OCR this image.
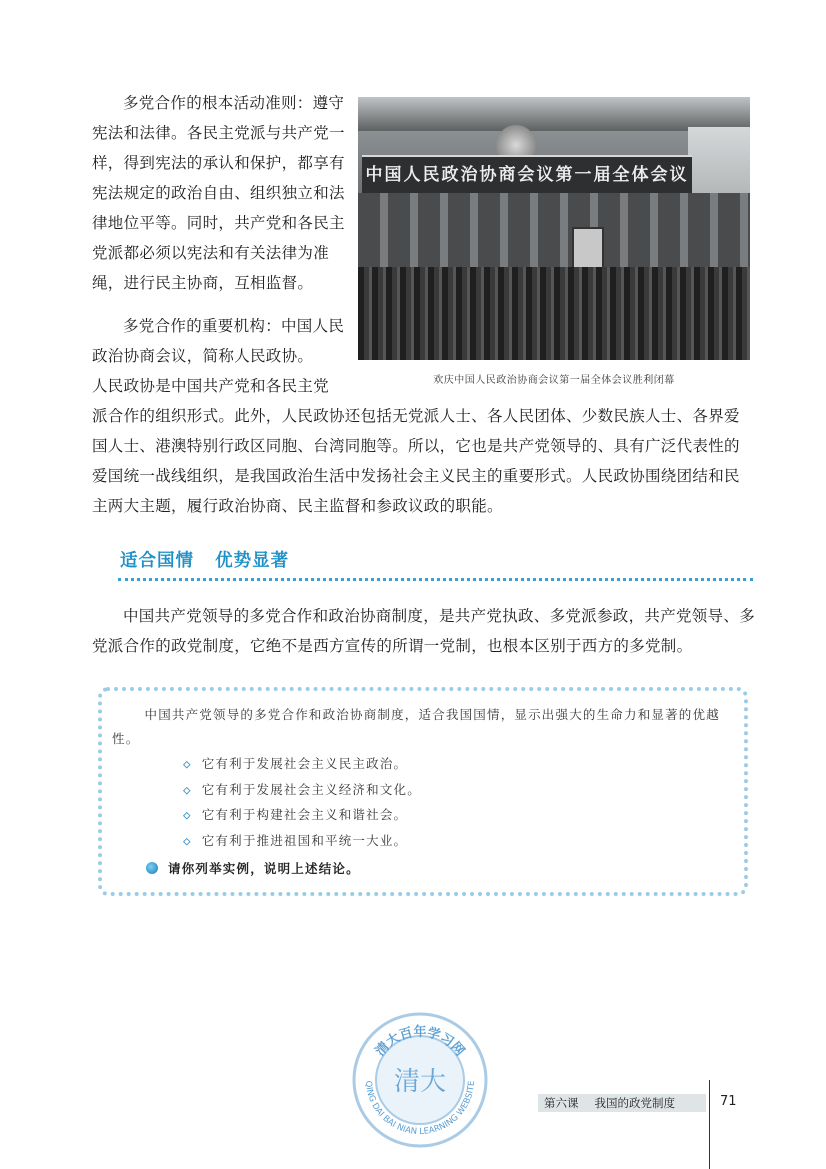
多党合作的根本活动准则：遵守宪法和法律。各民主党派与共产党一样，得到宪法的承认和保护，都享有宪法规定的政治自由、组织独立和法律地位平等。同时，共产党和各民主党派都必须以宪法和有关法律为准绳，进行民主协商，互相监督。

中国人民政治协商会议第一届全体会议
欢庆中国人民政治协商会议第一届全体会议胜利闭幕

多党合作的重要机构：中国人民政治协商会议，简称人民政协。

人民政协是中国共产党和各民主党

派合作的组织形式。此外，人民政协还包括无党派人士、各人民团体、少数民族人士、各界爱国人士、港澳特别行政区同胞、台湾同胞等。所以，它也是共产党领导的、具有广泛代表性的爱国统一战线组织，是我国政治生活中发扬社会主义民主的重要形式。人民政协围绕团结和民主两大主题，履行政治协商、民主监督和参政议政的职能。

适合国情 优势显著

中国共产党领导的多党合作和政治协商制度，是共产党执政、多党派参政，共产党领导、多党派合作的政党制度，它绝不是西方宣传的所谓一党制，也根本区别于西方的多党制。

中国共产党领导的多党合作和政治协商制度，适合我国国情，显示出强大的生命力和显著的优越性。
◇ 它有利于发展社会主义民主政治。
◇ 它有利于发展社会主义经济和文化。
◇ 它有利于构建社会主义和谐社会。
◇ 它有利于推进祖国和平统一大业。
请你列举实例，说明上述结论。
清大百年学习网
QING DAI BAI NIAN LEARNING WEBSITE
清大
第六课 我国的政党制度	71
